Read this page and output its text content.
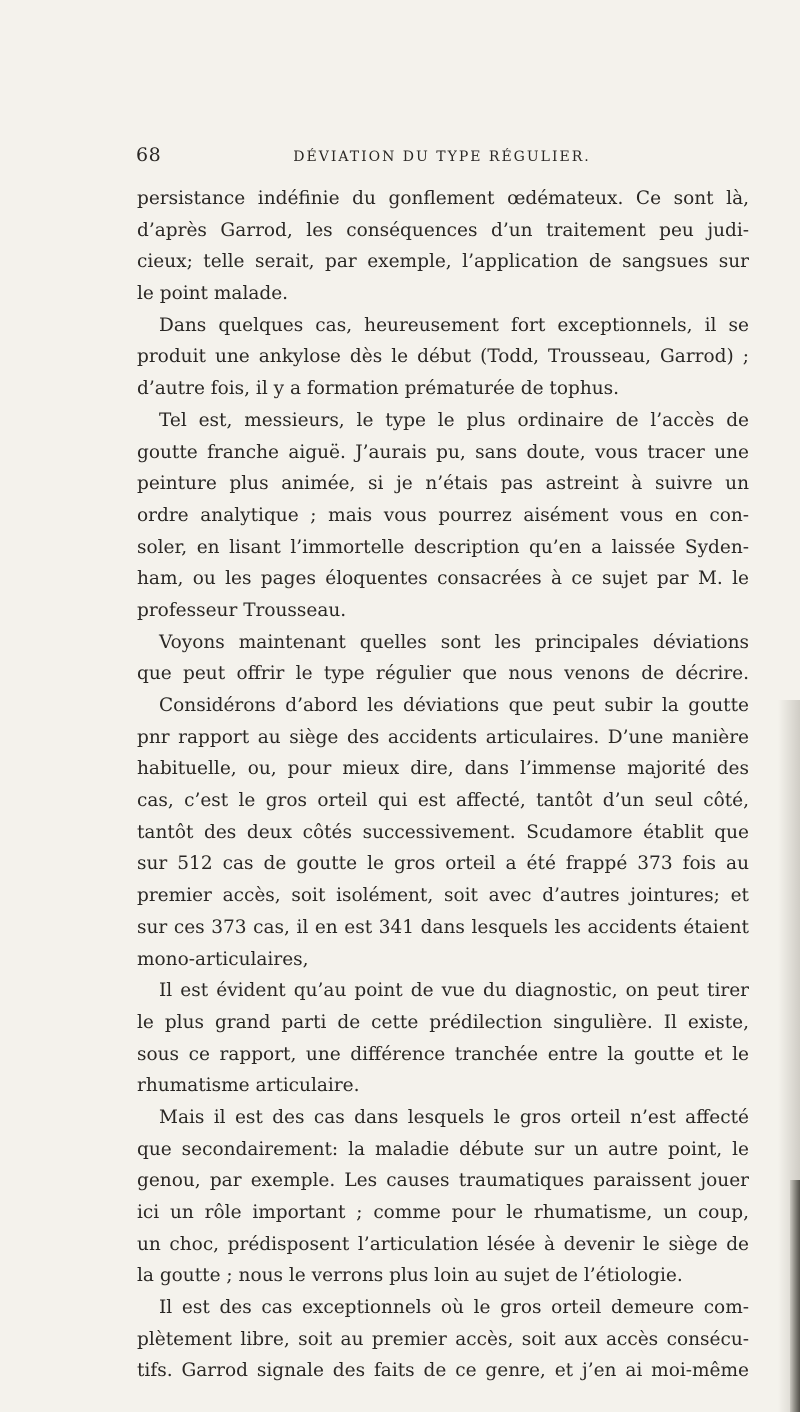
68	DÉVIATION DU TYPE RÉGULIER.
persistance indéfinie du gonflement œdémateux. Ce sont là,
d’après Garrod, les conséquences d’un traitement peu judi-
cieux; telle serait, par exemple, l’application de sangsues sur
le point malade.
Dans quelques cas, heureusement fort exceptionnels, il se
produit une ankylose dès le début (Todd, Trousseau, Garrod) ;
d’autre fois, il y a formation prématurée de tophus.
Tel est, messieurs, le type le plus ordinaire de l’accès de
goutte franche aiguë. J’aurais pu, sans doute, vous tracer une
peinture plus animée, si je n’étais pas astreint à suivre un
ordre analytique ; mais vous pourrez aisément vous en con-
soler, en lisant l’immortelle description qu’en a laissée Syden-
ham, ou les pages éloquentes consacrées à ce sujet par M. le
professeur Trousseau.
Voyons maintenant quelles sont les principales déviations
que peut offrir le type régulier que nous venons de décrire.
Considérons d’abord les déviations que peut subir la goutte
pnr rapport au siège des accidents articulaires. D’une manière
habituelle, ou, pour mieux dire, dans l’immense majorité des
cas, c’est le gros orteil qui est affecté, tantôt d’un seul côté,
tantôt des deux côtés successivement. Scudamore établit que
sur 512 cas de goutte le gros orteil a été frappé 373 fois au
premier accès, soit isolément, soit avec d’autres jointures; et
sur ces 373 cas, il en est 341 dans lesquels les accidents étaient
mono-articulaires,
Il est évident qu’au point de vue du diagnostic, on peut tirer
le plus grand parti de cette prédilection singulière. Il existe,
sous ce rapport, une différence tranchée entre la goutte et le
rhumatisme articulaire.
Mais il est des cas dans lesquels le gros orteil n’est affecté
que secondairement: la maladie débute sur un autre point, le
genou, par exemple. Les causes traumatiques paraissent jouer
ici un rôle important ; comme pour le rhumatisme, un coup,
un choc, prédisposent l’articulation lésée à devenir le siège de
la goutte ; nous le verrons plus loin au sujet de l’étiologie.
Il est des cas exceptionnels où le gros orteil demeure com-
plètement libre, soit au premier accès, soit aux accès consécu-
tifs. Garrod signale des faits de ce genre, et j’en ai moi-même
